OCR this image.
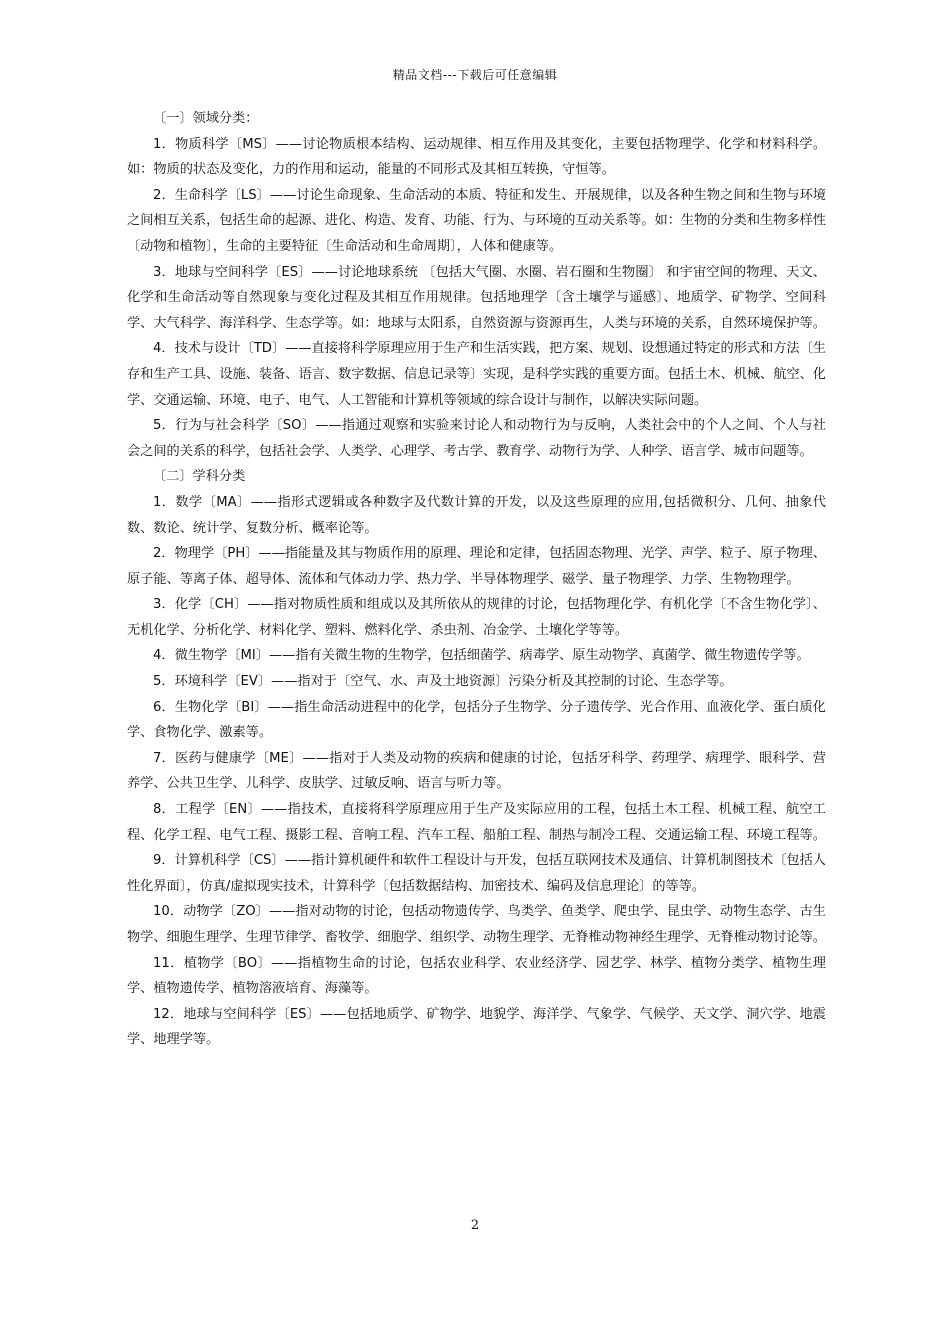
精品文档---下载后可任意编辑

〔一〕领域分类：

1．物质科学〔MS〕——讨论物质根本结构、运动规律、相互作用及其变化，主要包括物理学、化学和材料科学。如：物质的状态及变化，力的作用和运动，能量的不同形式及其相互转换，守恒等。

2．生命科学〔LS〕——讨论生命现象、生命活动的本质、特征和发生、开展规律，以及各种生物之间和生物与环境之间相互关系，包括生命的起源、进化、构造、发育、功能、行为、与环境的互动关系等。如：生物的分类和生物多样性〔动物和植物〕，生命的主要特征〔生命活动和生命周期〕，人体和健康等。

3．地球与空间科学〔ES〕——讨论地球系统 〔包括大气圈、水圈、岩石圈和生物圈〕 和宇宙空间的物理、天文、化学和生命活动等自然现象与变化过程及其相互作用规律。包括地理学〔含土壤学与遥感〕、地质学、矿物学、空间科学、大气科学、海洋科学、生态学等。如：地球与太阳系，自然资源与资源再生，人类与环境的关系，自然环境保护等。

4．技术与设计〔TD〕——直接将科学原理应用于生产和生活实践，把方案、规划、设想通过特定的形式和方法〔生存和生产工具、设施、装备、语言、数字数据、信息记录等〕实现，是科学实践的重要方面。包括土木、机械、航空、化学、交通运输、环境、电子、电气、人工智能和计算机等领域的综合设计与制作，以解决实际问题。

5．行为与社会科学〔SO〕——指通过观察和实验来讨论人和动物行为与反响，人类社会中的个人之间、个人与社会之间的关系的科学，包括社会学、人类学、心理学、考古学、教育学、动物行为学、人种学、语言学、城市问题等。

〔二〕学科分类

1．数学〔MA〕——指形式逻辑或各种数字及代数计算的开发，以及这些原理的应用,包括微积分、几何、抽象代数、数论、统计学、复数分析、概率论等。

2．物理学〔PH〕——指能量及其与物质作用的原理、理论和定律，包括固态物理、光学、声学、粒子、原子物理、原子能、等离子体、超导体、流体和气体动力学、热力学、半导体物理学、磁学、量子物理学、力学、生物物理学。

3．化学〔CH〕——指对物质性质和组成以及其所依从的规律的讨论，包括物理化学、有机化学〔不含生物化学〕、无机化学、分析化学、材料化学、塑料、燃料化学、杀虫剂、冶金学、土壤化学等等。

4．微生物学〔MI〕——指有关微生物的生物学，包括细菌学、病毒学、原生动物学、真菌学、微生物遗传学等。

5．环境科学〔EV〕——指对于〔空气、水、声及土地资源〕污染分析及其控制的讨论、生态学等。

6．生物化学〔BI〕——指生命活动进程中的化学，包括分子生物学、分子遗传学、光合作用、血液化学、蛋白质化学、食物化学、激素等。

7．医药与健康学〔ME〕——指对于人类及动物的疾病和健康的讨论，包括牙科学、药理学、病理学、眼科学、营养学、公共卫生学、儿科学、皮肤学、过敏反响、语言与听力等。

8．工程学〔EN〕——指技术，直接将科学原理应用于生产及实际应用的工程，包括土木工程、机械工程、航空工程、化学工程、电气工程、摄影工程、音响工程、汽车工程、船舶工程、制热与制冷工程、交通运输工程、环境工程等。

9．计算机科学〔CS〕——指计算机硬件和软件工程设计与开发，包括互联网技术及通信、计算机制图技术〔包括人性化界面〕，仿真/虚拟现实技术，计算科学〔包括数据结构、加密技术、编码及信息理论〕的等等。

10．动物学〔ZO〕——指对动物的讨论，包括动物遗传学、鸟类学、鱼类学、爬虫学、昆虫学、动物生态学、古生物学、细胞生理学、生理节律学、畜牧学、细胞学、组织学、动物生理学、无脊椎动物神经生理学、无脊椎动物讨论等。

11．植物学〔BO〕——指植物生命的讨论，包括农业科学、农业经济学、园艺学、林学、植物分类学、植物生理学、植物遗传学、植物溶液培育、海藻等。

12．地球与空间科学〔ES〕——包括地质学、矿物学、地貌学、海洋学、气象学、气候学、天文学、洞穴学、地震学、地理学等。

2
